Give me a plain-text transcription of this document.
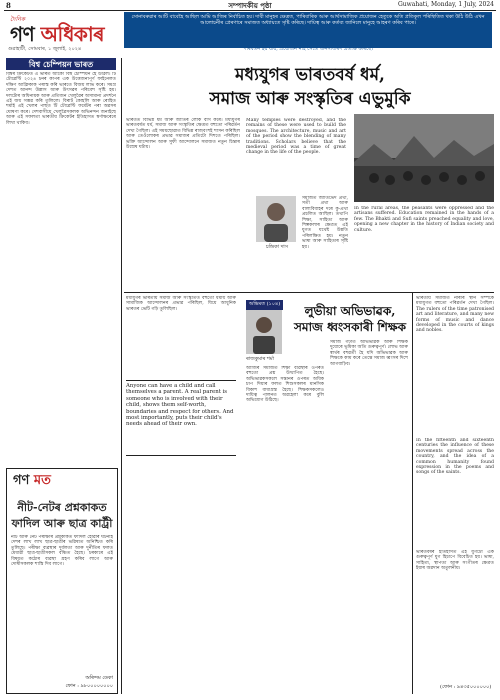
8	সম্পাদকীয় পৃষ্ঠা	Guwahati, Monday, 1 July, 2024
দৈনিক
গণ অধিকাৰ
গুৱাহাটী, সোমবাৰ, ১ জুলাই, ২০২৪
সোনাবৰুৱাৰ আটি বাবেহৈ আছিল আমি আজিৰ নিৰ্বাচিত হয়। দাবী মানুহৰ ক্ষেত্ৰত, পাৰিবাৰিক আৰু আর্থসামাজিক প্ৰয়োজন হেতুকে অতি প্ৰতিকূল পৰিস্থিতিত থকা উঠি উঠি এখন আলোচনীৰ প্ৰেৰণাৰে সমাজত অধ্যায়তে সৃষ্টি কৰিছে। দায়িত্ব আৰু কৰ্তব্য জানিলে মানুহে আহৰণ কৰিব পাৰে।
পৰিবৰ্তন হয় যায়, প্ৰয়োজন নাই সৈতে জনসাধাৰণ প্ৰত্যক্ষ কৰিছে।
বিশ্ব চেম্পিয়ন ভাৰত
বিশ্বৰ ক্ৰিকেটত এ ভাৰত আকৌ বিশ্ব চেম্পিয়ন হৈ উঠিল। টি টোৱেণ্টি ২০২৪ চনৰ কাপৰ এক উত্তেজনাপূৰ্ণ ফাইনেলত দক্ষিণ আফ্ৰিকাক পৰাস্ত কৰি ভাৰতে বিজয় লাভ কৰে। সমগ্ৰ দেশত আনন্দ উল্লাস আৰু উৎসৱৰ পৰিবেশ সৃষ্টি হয়। দলটোৰ অধিনায়ক আৰু প্ৰতিজন খেলুৱৈৰ অসামান্য প্ৰদৰ্শনে এই জয় সম্ভৱ কৰি তুলিলে। বিৰাট কোহলি আৰু ৰোহিত শৰ্মাই এই খেলৰ পাছত টি টোৱেণ্টি ফৰ্মেটৰ পৰা অৱসৰ ঘোষণা কৰে। দেশবাসীয়ে খেলুৱৈসকলক অভিনন্দন জনাইছে আৰু এই সফলতা ভাৰতীয় ক্ৰিকেটৰ ইতিহাসত স্বৰ্ণাক্ষৰেৰে লিখা থাকিব।
মধ্যযুগৰ ভাৰতবৰ্ষ ধৰ্ম,
সমাজ আৰু সংস্কৃতিৰ এভুমুকি
ভাৰতত বিভিন্ন ধৰ্ম আৰু জাতিৰ লোক বাস কৰে। মধ্যযুগৰ ভাৰতবৰ্ষত ধৰ্ম, সমাজ আৰু সংস্কৃতিৰ ক্ষেত্ৰত বহুতো পৰিৱৰ্তন দেখা গৈছিল। এই সময়ছোৱাত বিভিন্ন ৰাজবংশই শাসন কৰিছিল আৰু তেওঁলোকৰ প্ৰভাৱ সমাজৰ প্ৰতিটো দিশতে পৰিছিল। ভক্তি আন্দোলন আৰু সুফী আন্দোলনে সমাজত নতুন চিন্তাৰ উন্মেষ ঘটায়।
Many temples were destroyed, and the remains of these were used to build the mosques. The architecture, music and art of the period show the blending of many traditions. Scholars believe that the medieval period was a time of great change in the life of the people.
চন্দ্ৰিকা দাস
সমাজত জাতিভেদ প্ৰথা, সতী প্ৰথা আৰু বাল্যবিবাহৰ দৰে কু-প্ৰথা প্ৰচলিত আছিল। তথাপি শিক্ষা, সাহিত্য আৰু শিল্পকলাৰ ক্ষেত্ৰত এই যুগত যথেষ্ট উন্নতি পৰিলক্ষিত হয়। নতুন ভাষা আৰু সাহিত্যৰ সৃষ্টি হয়।
In the rural areas, the peasants were oppressed and the artisans suffered. Education remained in the hands of a few. The Bhakti and Sufi saints preached equality and love, opening a new chapter in the history of Indian society and culture.
মধ্যযুগৰ ভাৰতীয় সমাজ আৰু সংস্কৃতিত বহুতো ধৰ্মীয় আৰু সামাজিক আন্দোলনৰ প্ৰভাৱ পৰিছিল, যিয়ে আধুনিক ভাৰতৰ ভেটি গঢ়ি তুলিছিল।
Anyone can have a child and call themselves a parent. A real parent is someone who is involved with their child, shows them self-worth, boundaries and respect for others. And most importantly, puts their child's needs ahead of their own.
গণ মত
নীট-নেটৰ প্ৰশ্নকাকত
ফাদিল আৰু ছাত্ৰ কাৰ্ট্ৰী
নীট আৰু নেট পৰীক্ষাৰ প্ৰশ্নকাকত ফাদিল হোৱাৰ ঘটনাই দেশৰ লাখ লাখ ছাত্ৰ-ছাত্ৰীৰ ভৱিষ্যত অনিশ্চিত কৰি তুলিছে। পৰীক্ষা ব্যৱস্থাৰ দুৰ্বলতা আৰু দুৰ্নীতিৰ ফলত মেধাৱী ছাত্ৰ-ছাত্ৰীসকল বঞ্চিত হৈছে। চৰকাৰে এই বিষয়ত কঠোৰ ব্যৱস্থা গ্ৰহণ কৰিব লাগে আৰু দোষীসকলক শাস্তি দিব লাগে।
অৰিন্দম ডেকা
ফোন : ৯৮০০০০০০০০
অভিমত (১০৪)
ৰাজকুমাৰ শৰ্মা
লুভীয়া অভিভাৱক,
সমাজ ধ্বংসকাৰী শিক্ষক
আজিৰ সমাজত শিক্ষা ব্যৱস্থাৰ ওপৰত বহুতো প্ৰশ্ন উত্থাপিত হৈছে। অভিভাৱকসকলে সন্তানৰ ওপৰত অধিক চাপ দিয়াৰ ফলত শিশুসকলৰ মানসিক বিকাশ বাধাগ্ৰস্ত হৈছে। শিক্ষকসকলেও দায়িত্ব পালনত অৱহেলা কৰে বুলি অভিযোগ উঠিছে।
সমাজ গঢ়াত অভিভাৱক আৰু শিক্ষক দুয়োৰে ভূমিকা অতি গুৰুত্বপূৰ্ণ। লোভ আৰু স্বাৰ্থৰ বশৱৰ্তী হৈ যদি অভিভাৱক আৰু শিক্ষকে কাম কৰে তেন্তে সমাজ ধ্বংসৰ দিশে আগবাঢ়িব।
ভাৰতীয় সমাজত নাৰীৰ স্থান সম্পৰ্কে মধ্যযুগত বহুতো পৰিৱৰ্তন দেখা গৈছিল। The rulers of the time patronised art and literature, and many new forms of music and dance developed in the courts of kings and nobles.
In the fifteenth and sixteenth centuries the influence of these movements spread across the country, and the idea of a common humanity found expression in the poems and songs of the saints.
ভাৰতবৰ্ষৰ ইতিহাসত এই যুগটো এক গুৰুত্বপূৰ্ণ যুগ হিচাপে বিবেচিত হয়। ভাষা, সাহিত্য, স্থাপত্য আৰু সংগীতৰ ক্ষেত্ৰত ইয়াৰ অৱদান অতুলনীয়।
(ফোন : ৯৪৩৫০০০০০০)
